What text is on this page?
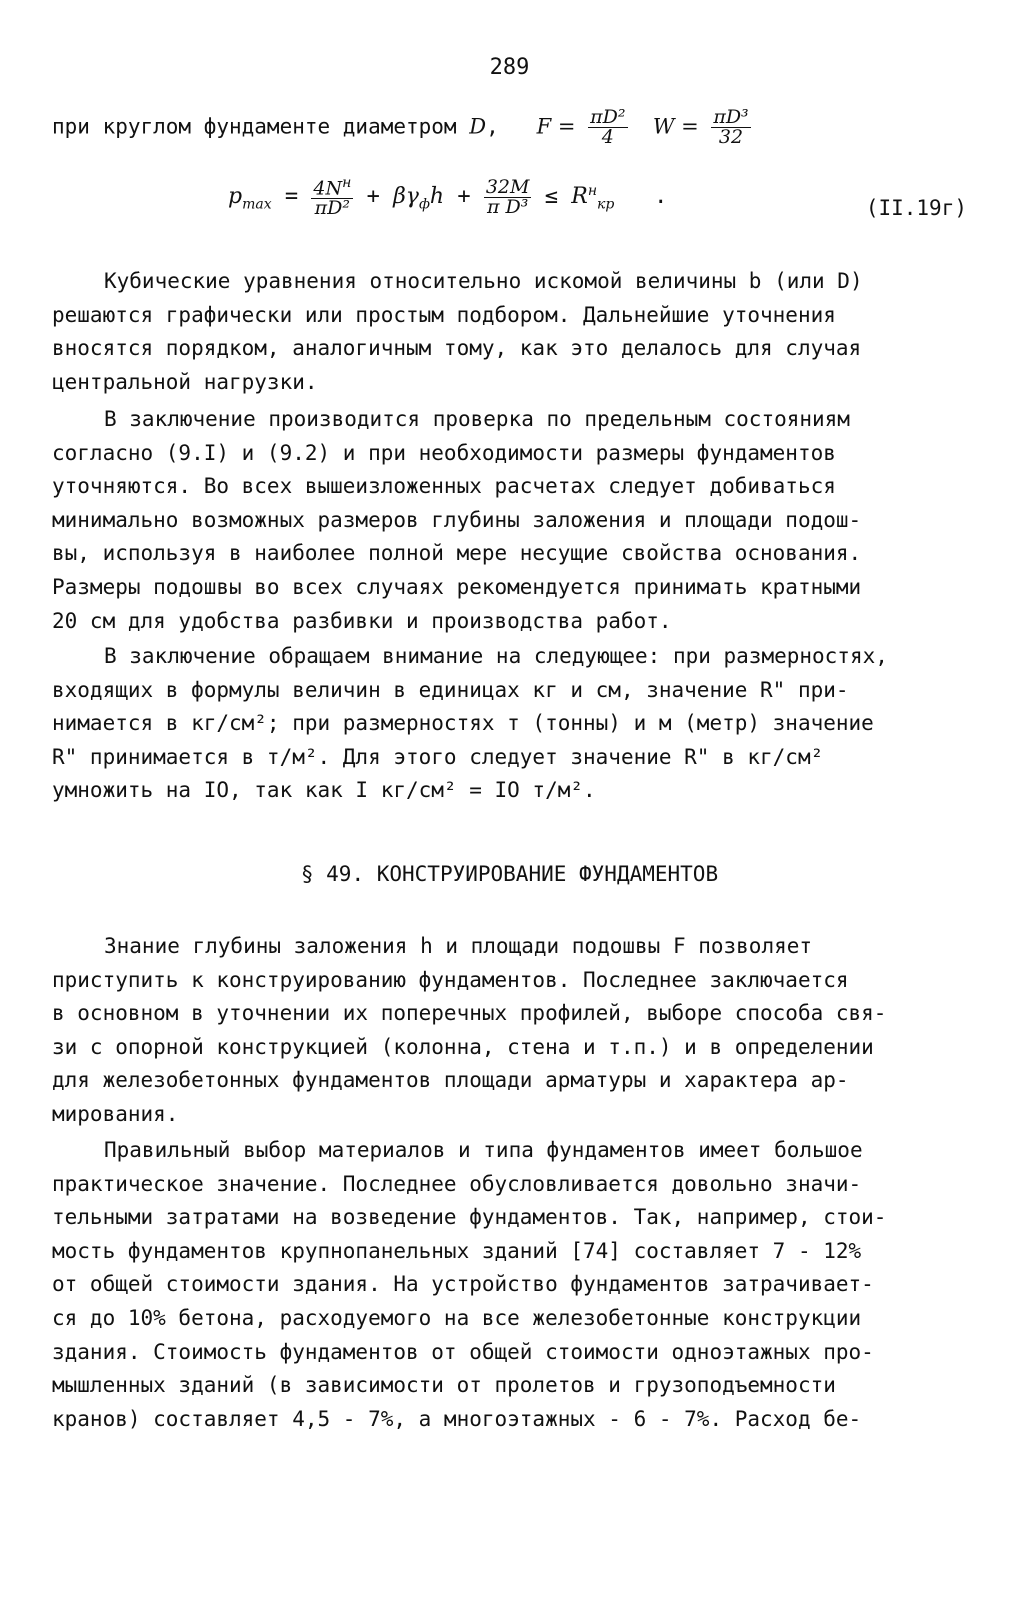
289
при круглом фундаменте диаметром D, $F = \frac{\text{πD²}}{4}$ $W = \frac{\text{πD³}}{32}$
$p_{max} = \frac{4N^н}{\text{πD²}} + \beta\gamma_фh + \frac{32M}{\text{π D³}} \le R^н_{кр}$ .	(II.19г)
Кубические уравнения относительно искомой величины b (или D)
решаются графически или простым подбором. Дальнейшие уточнения
вносятся порядком, аналогичным тому, как это делалось для случая
центральной нагрузки.
В заключение производится проверка по предельным состояниям
согласно (9.I) и (9.2) и при необходимости размеры фундаментов
уточняются. Во всех вышеизложенных расчетах следует добиваться
минимально возможных размеров глубины заложения и площади подош-
вы, используя в наиболее полной мере несущие свойства основания.
Размеры подошвы во всех случаях рекомендуется принимать кратными
20 см для удобства разбивки и производства работ.
В заключение обращаем внимание на следующее: при размерностях,
входящих в формулы величин в единицах кг и см, значение R" при-
нимается в кг/см²; при размерностях т (тонны) и м (метр) значение
R" принимается в т/м². Для этого следует значение R" в кг/см²
умножить на IO, так как I кг/см² = IO т/м².
§ 49. КОНСТРУИРОВАНИЕ ФУНДАМЕНТОВ
Знание глубины заложения h и площади подошвы F позволяет
приступить к конструированию фундаментов. Последнее заключается
в основном в уточнении их поперечных профилей, выборе способа свя-
зи с опорной конструкцией (колонна, стена и т.п.) и в определении
для железобетонных фундаментов площади арматуры и характера ар-
мирования.
Правильный выбор материалов и типа фундаментов имеет большое
практическое значение. Последнее обусловливается довольно значи-
тельными затратами на возведение фундаментов. Так, например, стои-
мость фундаментов крупнопанельных зданий [74] составляет 7 - 12%
от общей стоимости здания. На устройство фундаментов затрачивает-
ся до 10% бетона, расходуемого на все железобетонные конструкции
здания. Стоимость фундаментов от общей стоимости одноэтажных про-
мышленных зданий (в зависимости от пролетов и грузоподъемности
кранов) составляет 4,5 - 7%, а многоэтажных - 6 - 7%. Расход бе-
